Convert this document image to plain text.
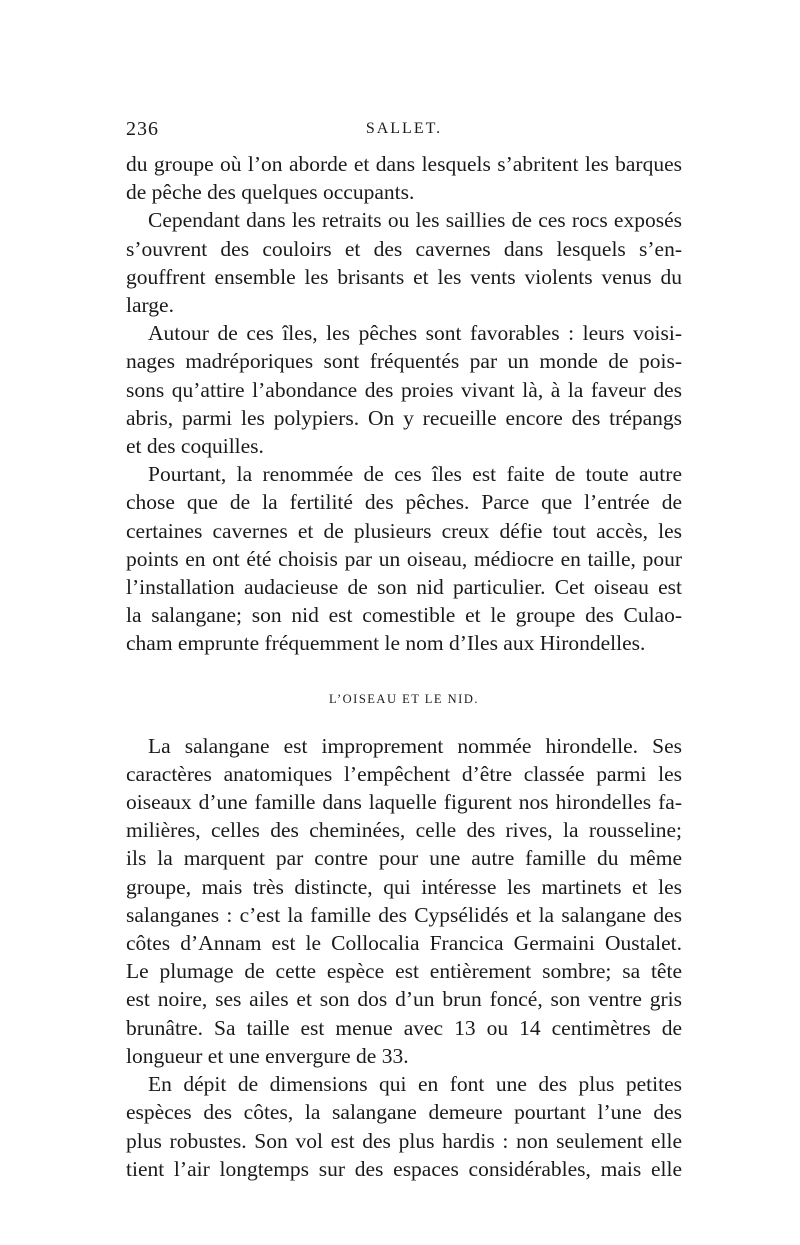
236	SALLET.

du groupe où l’on aborde et dans lesquels s’abritent les barques
de pêche des quelques occupants.

Cependant dans les retraits ou les saillies de ces rocs exposés
s’ouvrent des couloirs et des cavernes dans lesquels s’en-
gouffrent ensemble les brisants et les vents violents venus du
large.

Autour de ces îles, les pêches sont favorables : leurs voisi-
nages madréporiques sont fréquentés par un monde de pois-
sons qu’attire l’abondance des proies vivant là, à la faveur des
abris, parmi les polypiers. On y recueille encore des trépangs
et des coquilles.

Pourtant, la renommée de ces îles est faite de toute autre
chose que de la fertilité des pêches. Parce que l’entrée de
certaines cavernes et de plusieurs creux défie tout accès, les
points en ont été choisis par un oiseau, médiocre en taille, pour
l’installation audacieuse de son nid particulier. Cet oiseau est
la salangane; son nid est comestible et le groupe des Culao-
cham emprunte fréquemment le nom d’Iles aux Hirondelles.

L’OISEAU ET LE NID.

La salangane est improprement nommée hirondelle. Ses
caractères anatomiques l’empêchent d’être classée parmi les
oiseaux d’une famille dans laquelle figurent nos hirondelles fa-
milières, celles des cheminées, celle des rives, la rousseline;
ils la marquent par contre pour une autre famille du même
groupe, mais très distincte, qui intéresse les martinets et les
salanganes : c’est la famille des Cypsélidés et la salangane des
côtes d’Annam est le Collocalia Francica Germaini Oustalet.
Le plumage de cette espèce est entièrement sombre; sa tête
est noire, ses ailes et son dos d’un brun foncé, son ventre gris
brunâtre. Sa taille est menue avec 13 ou 14 centimètres de
longueur et une envergure de 33.

En dépit de dimensions qui en font une des plus petites
espèces des côtes, la salangane demeure pourtant l’une des
plus robustes. Son vol est des plus hardis : non seulement elle
tient l’air longtemps sur des espaces considérables, mais elle
